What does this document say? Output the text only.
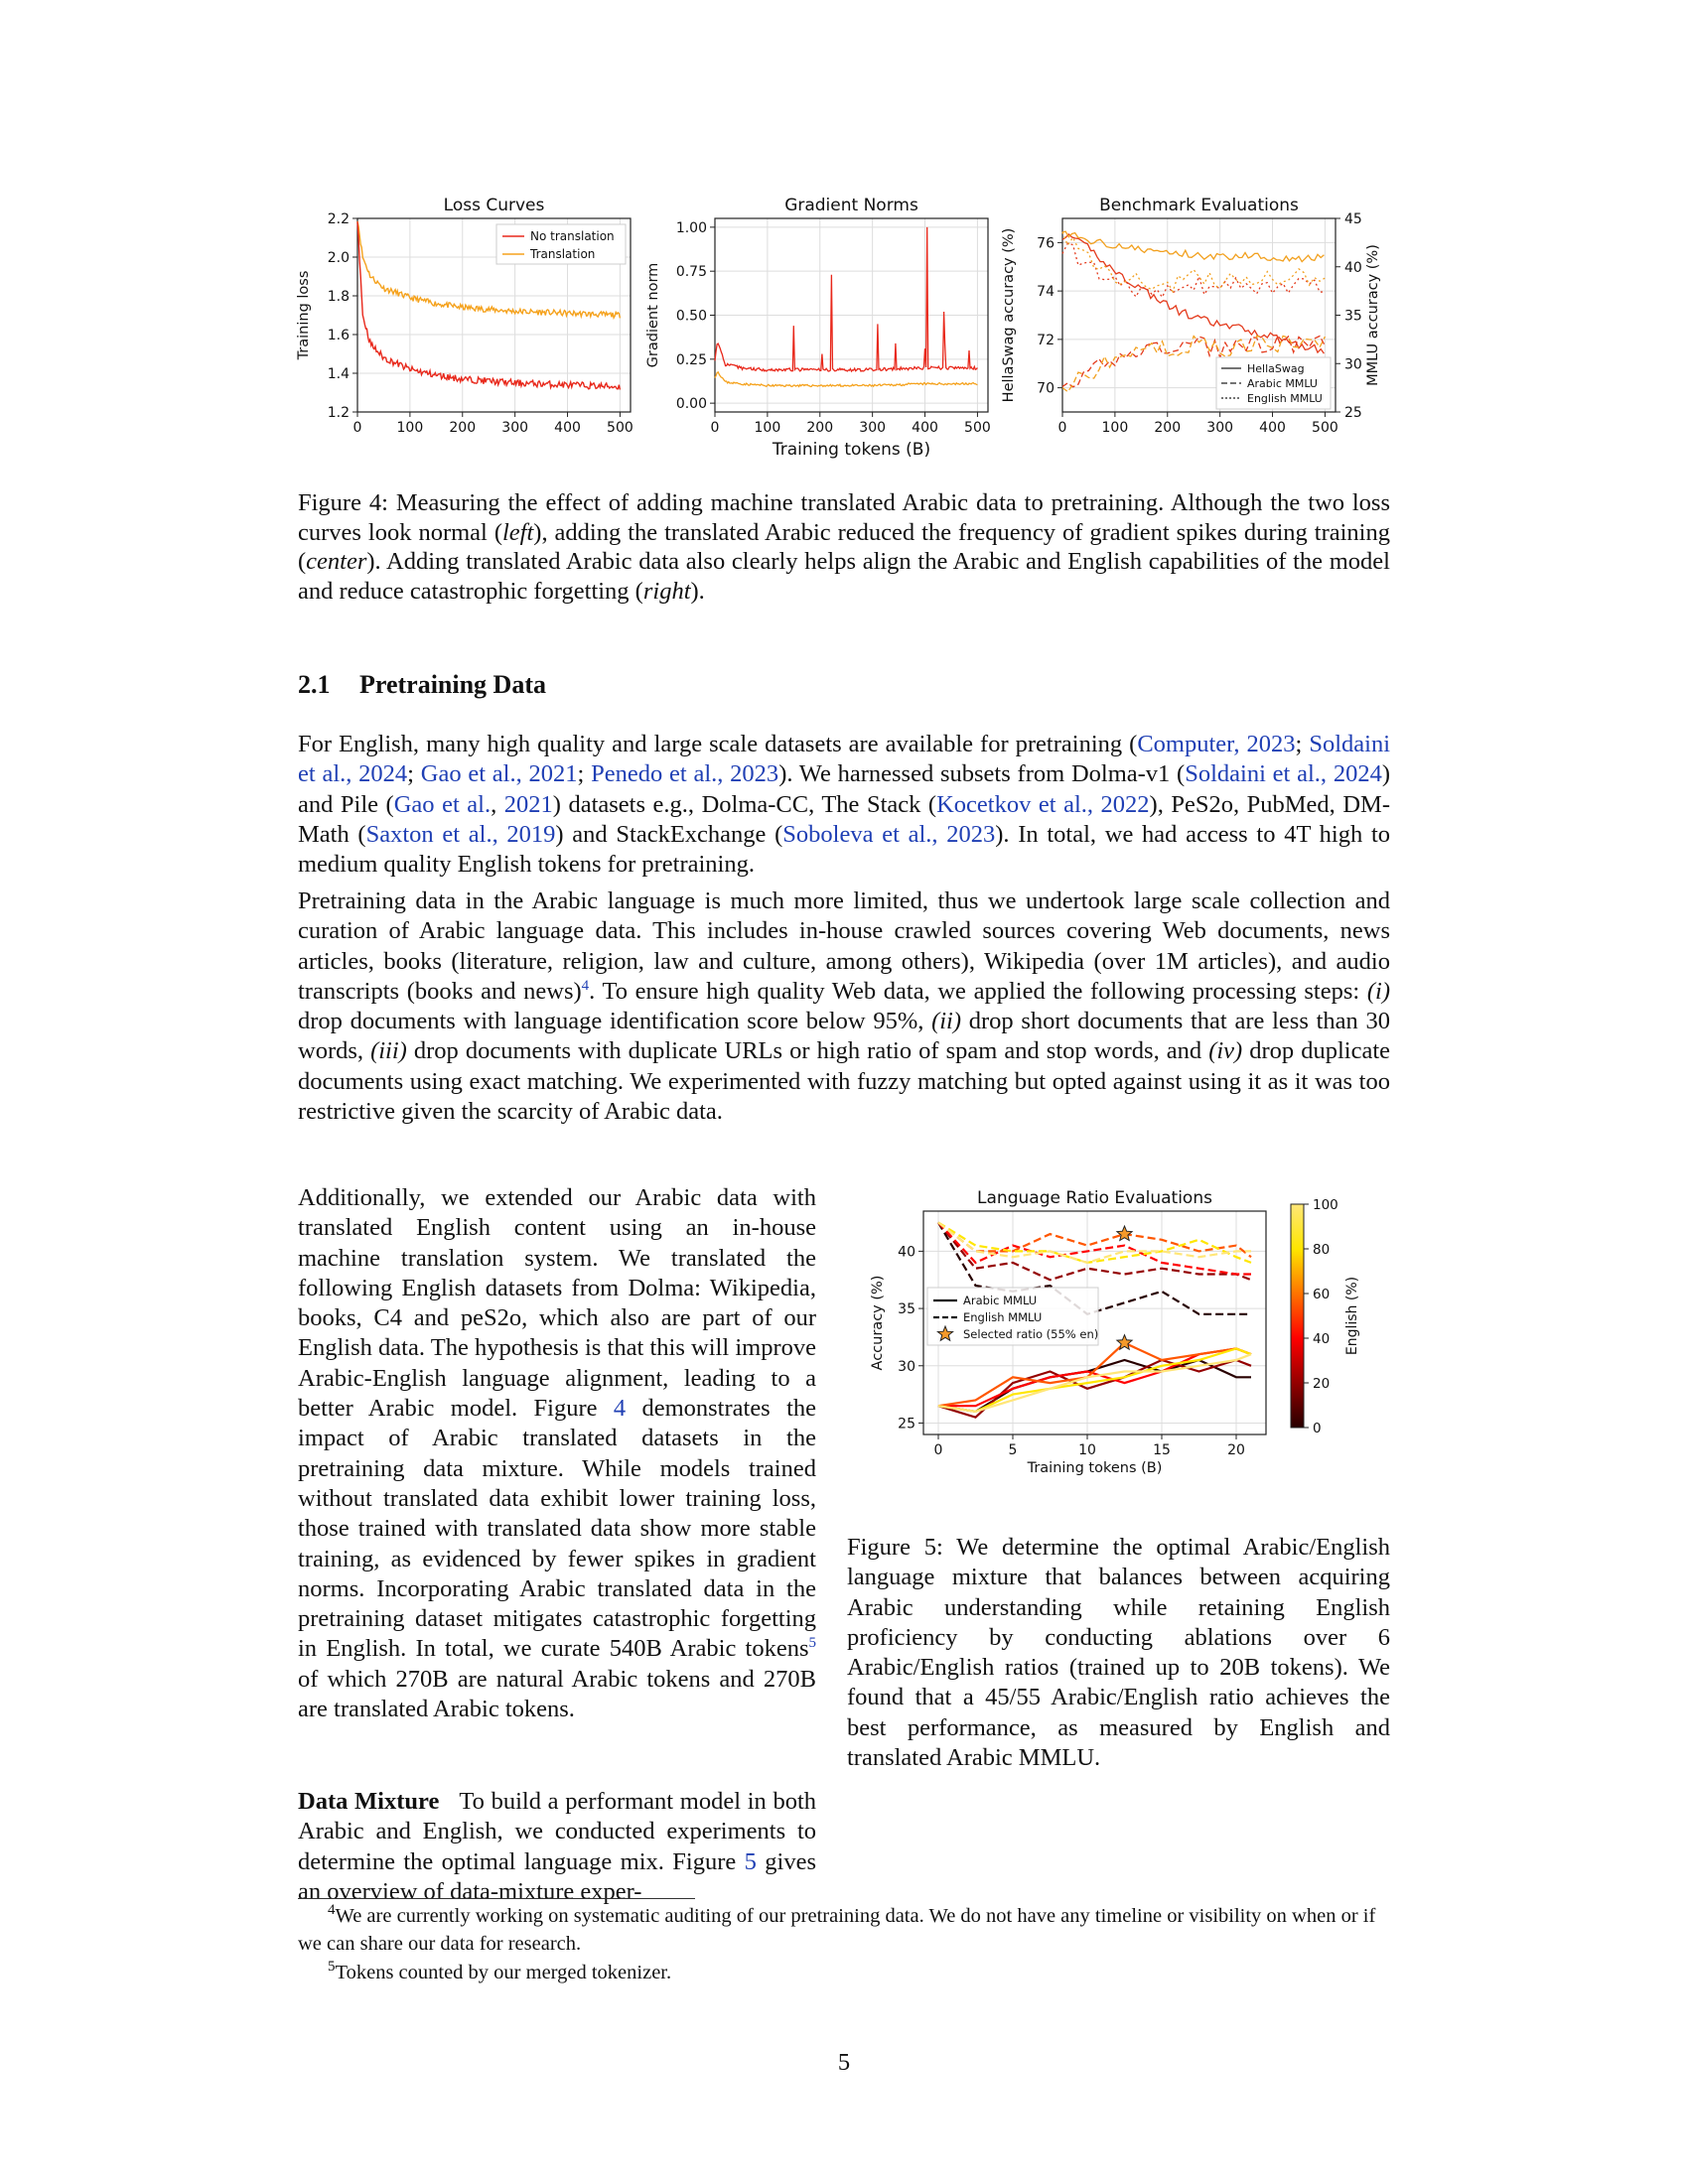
0	100 200 300 400 500
2.2
2.0
1.8
1.6
1.4
1.2
Loss Curves
Training loss
No translation
Translation
0	100 200 300 400 500
1.00
0.75
0.50
0.25
0.00
Gradient Norms
Gradient norm
Training tokens (B)
0	100 200 300 400 500
76
74
72
70
Benchmark Evaluations
HellaSwag accuracy (%)
45
40
35
30
25
MMLU accuracy (%)
HellaSwag
Arabic MMLU
English MMLU
Figure 4: Measuring the effect of adding machine translated Arabic data to pretraining. Although the two loss curves look normal (left), adding the translated Arabic reduced the frequency of gradient spikes during training (center). Adding translated Arabic data also clearly helps align the Arabic and English capabilities of the model and reduce catastrophic forgetting (right).
2.1 Pretraining Data
For English, many high quality and large scale datasets are available for pretraining (Computer, 2023; Soldaini et al., 2024; Gao et al., 2021; Penedo et al., 2023). We harnessed subsets from Dolma-v1 (Soldaini et al., 2024) and Pile (Gao et al., 2021) datasets e.g., Dolma-CC, The Stack (Kocetkov et al., 2022), PeS2o, PubMed, DM-Math (Saxton et al., 2019) and StackExchange (Soboleva et al., 2023). In total, we had access to 4T high to medium quality English tokens for pretraining.
Pretraining data in the Arabic language is much more limited, thus we undertook large scale collection and curation of Arabic language data. This includes in-house crawled sources covering Web documents, news articles, books (literature, religion, law and culture, among others), Wikipedia (over 1M articles), and audio transcripts (books and news)$^4$. To ensure high quality Web data, we applied the following processing steps: (i) drop documents with language identification score below 95%, (ii) drop short documents that are less than 30 words, (iii) drop documents with duplicate URLs or high ratio of spam and stop words, and (iv) drop duplicate documents using exact matching. We experimented with fuzzy matching but opted against using it as it was too restrictive given the scarcity of Arabic data.
Additionally, we extended our Arabic data with translated English content using an in-house machine translation system. We translated the following English datasets from Dolma: Wikipedia, books, C4 and peS2o, which also are part of our English data. The hypothesis is that this will improve Arabic-English language alignment, leading to a better Arabic model. Figure 4 demonstrates the impact of Arabic translated datasets in the pretraining data mixture. While models trained without translated data exhibit lower training loss, those trained with translated data show more stable training, as evidenced by fewer spikes in gradient norms. Incorporating Arabic translated data in the pretraining dataset mitigates catastrophic forgetting in English. In total, we curate 540B Arabic tokens$^5$ of which 270B are natural Arabic tokens and 270B are translated Arabic tokens.
0	5	10	15	20
40
35
30
25
Language Ratio Evaluations
Training tokens (B)
Accuracy (%)	Arabic MMLU
English MMLU
Selected ratio (55% en)
100
80
60
40
20
0
English (%)
Figure 5: We determine the optimal Arabic/English language mixture that balances between acquiring Arabic understanding while retaining English proficiency by conducting ablations over 6 Arabic/English ratios (trained up to 20B tokens). We found that a 45/55 Arabic/English ratio achieves the best performance, as measured by English and translated Arabic MMLU.
Data Mixture To build a performant model in both Arabic and English, we conducted experiments to determine the optimal language mix. Figure 5 gives an overview of data-mixture exper-
$^4$We are currently working on systematic auditing of our pretraining data. We do not have any timeline or visibility on when or if we can share our data for research.
$^5$Tokens counted by our merged tokenizer.
5
